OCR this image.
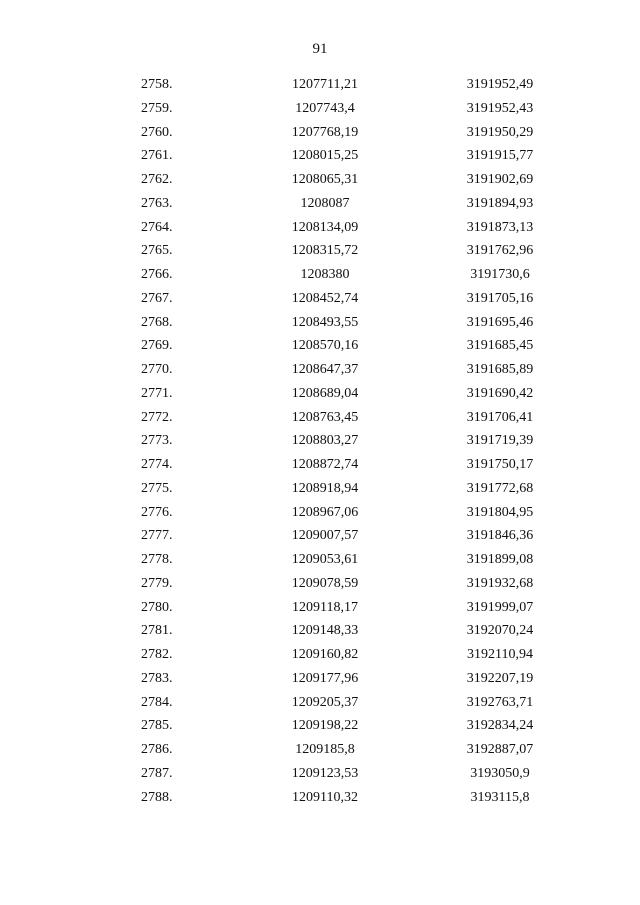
91
2758.	1207711,21	3191952,49	
2759.	1207743,4	3191952,43	
2760.	1207768,19	3191950,29	
2761.	1208015,25	3191915,77	
2762.	1208065,31	3191902,69	
2763.	1208087	3191894,93	
2764.	1208134,09	3191873,13	
2765.	1208315,72	3191762,96	
2766.	1208380	3191730,6	
2767.	1208452,74	3191705,16	
2768.	1208493,55	3191695,46	
2769.	1208570,16	3191685,45	
2770.	1208647,37	3191685,89	
2771.	1208689,04	3191690,42	
2772.	1208763,45	3191706,41	
2773.	1208803,27	3191719,39	
2774.	1208872,74	3191750,17	
2775.	1208918,94	3191772,68	
2776.	1208967,06	3191804,95	
2777.	1209007,57	3191846,36	
2778.	1209053,61	3191899,08	
2779.	1209078,59	3191932,68	
2780.	1209118,17	3191999,07	
2781.	1209148,33	3192070,24	
2782.	1209160,82	3192110,94	
2783.	1209177,96	3192207,19	
2784.	1209205,37	3192763,71	
2785.	1209198,22	3192834,24	
2786.	1209185,8	3192887,07	
2787.	1209123,53	3193050,9	
2788.	1209110,32	3193115,8	
